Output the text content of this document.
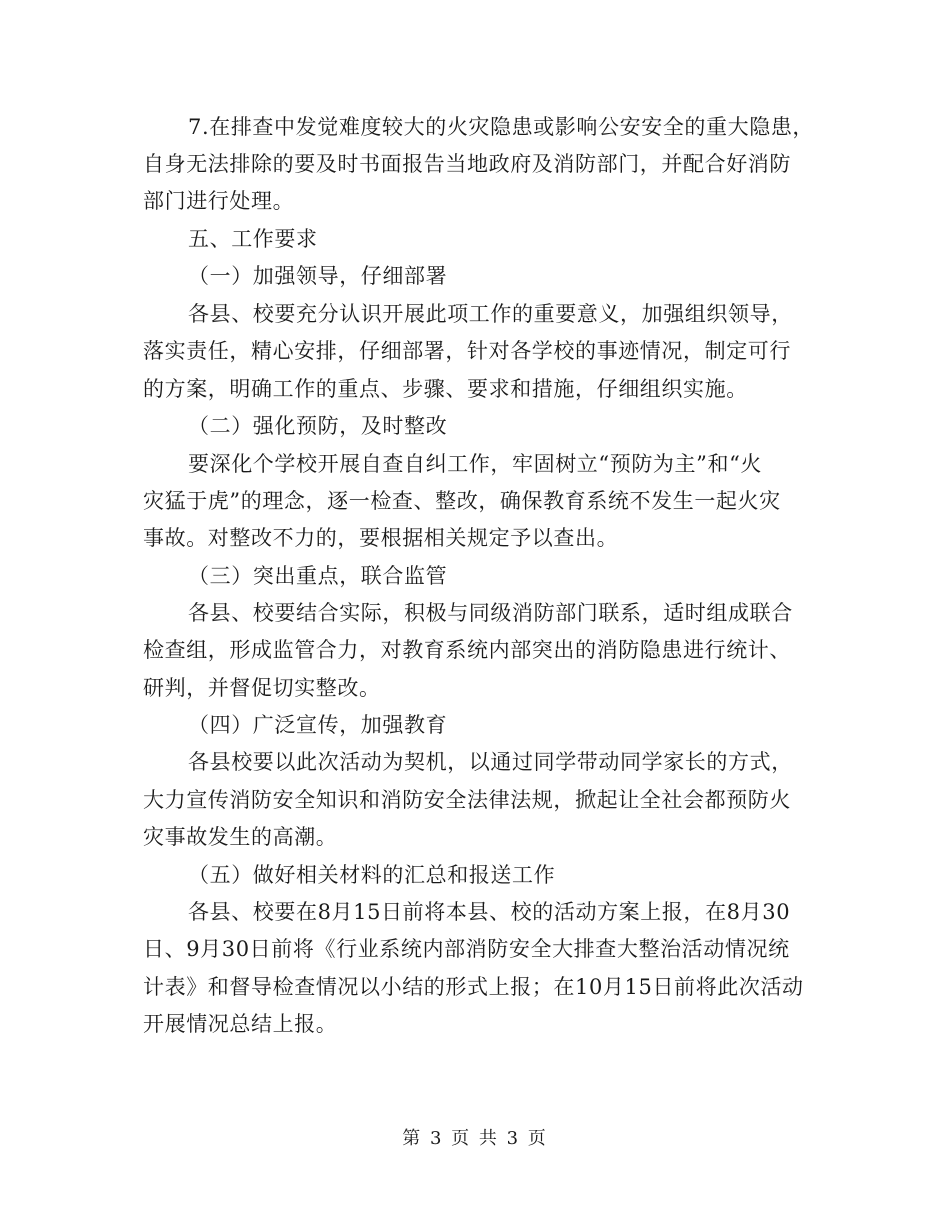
7.在排查中发觉难度较大的火灾隐患或影响公安安全的重大隐患，
自身无法排除的要及时书面报告当地政府及消防部门，并配合好消防
部门进行处理。
五、工作要求
（一）加强领导，仔细部署
各县、校要充分认识开展此项工作的重要意义，加强组织领导，
落实责任，精心安排，仔细部署，针对各学校的事迹情况，制定可行
的方案，明确工作的重点、步骤、要求和措施，仔细组织实施。
（二）强化预防，及时整改
要深化个学校开展自查自纠工作，牢固树立“预防为主”和“火
灾猛于虎”的理念，逐一检查、整改，确保教育系统不发生一起火灾
事故。对整改不力的，要根据相关规定予以查出。
（三）突出重点，联合监管
各县、校要结合实际，积极与同级消防部门联系，适时组成联合
检查组，形成监管合力，对教育系统内部突出的消防隐患进行统计、
研判，并督促切实整改。
（四）广泛宣传，加强教育
各县校要以此次活动为契机，以通过同学带动同学家长的方式，
大力宣传消防安全知识和消防安全法律法规，掀起让全社会都预防火
灾事故发生的高潮。
（五）做好相关材料的汇总和报送工作
各县、校要在8月15日前将本县、校的活动方案上报，在8月30
日、9月30日前将《行业系统内部消防安全大排查大整治活动情况统
计表》和督导检查情况以小结的形式上报；在10月15日前将此次活动
开展情况总结上报。
第 3 页 共 3 页
